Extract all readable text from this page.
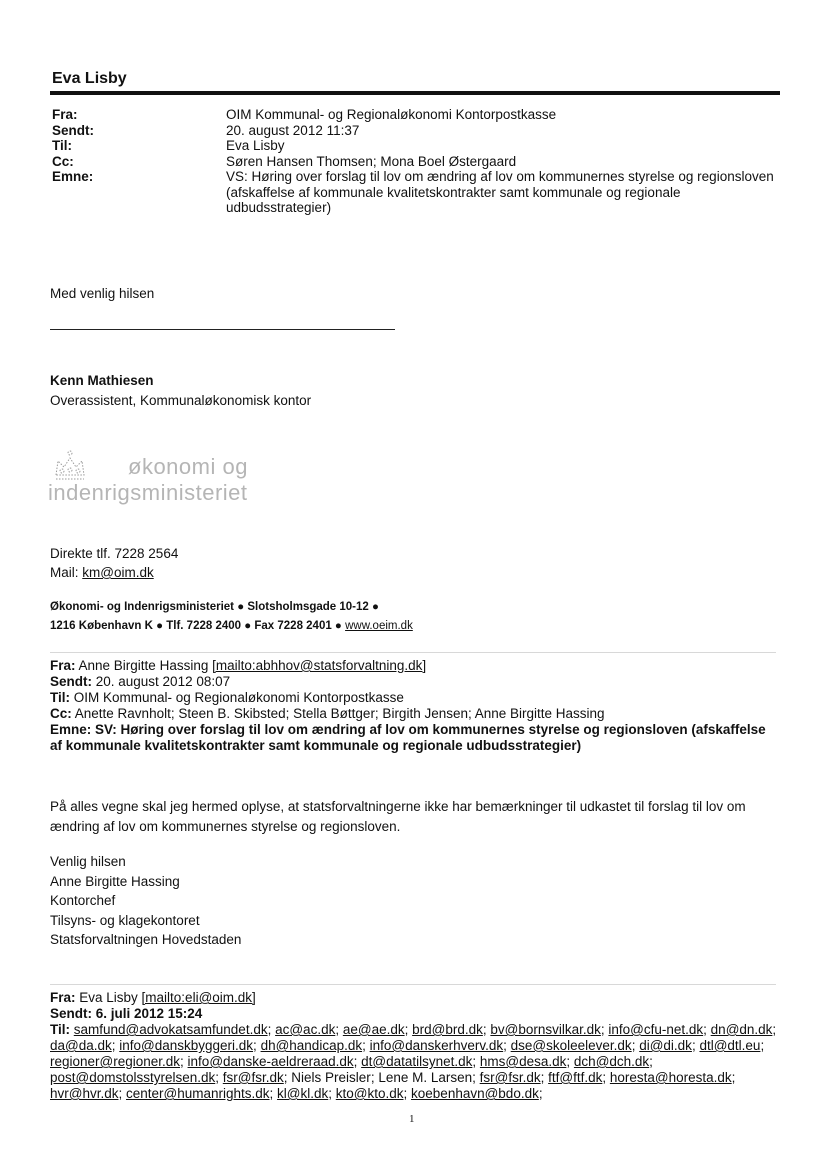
Eva Lisby
Fra:	OIM Kommunal- og Regionaløkonomi Kontorpostkasse
Sendt:	20. august 2012 11:37
Til:	Eva Lisby
Cc:	Søren Hansen Thomsen; Mona Boel Østergaard
Emne:	VS: Høring over forslag til lov om ændring af lov om kommunernes styrelse og regionsloven (afskaffelse af kommunale kvalitetskontrakter samt kommunale og regionale udbudsstrategier)
Med venlig hilsen
Kenn Mathiesen
Overassistent, Kommunaløkonomisk kontor
økonomi og
indenrigsministeriet
Direkte tlf. 7228 2564
Mail: km@oim.dk
Økonomi- og Indenrigsministeriet ● Slotsholmsgade 10-12 ●
1216 København K ● Tlf. 7228 2400 ● Fax 7228 2401 ● www.oeim.dk
Fra: Anne Birgitte Hassing [mailto:abhhov@statsforvaltning.dk]
Sendt: 20. august 2012 08:07
Til: OIM Kommunal- og Regionaløkonomi Kontorpostkasse
Cc: Anette Ravnholt; Steen B. Skibsted; Stella Bøttger; Birgith Jensen; Anne Birgitte Hassing
Emne: SV: Høring over forslag til lov om ændring af lov om kommunernes styrelse og regionsloven (afskaffelse af kommunale kvalitetskontrakter samt kommunale og regionale udbudsstrategier)
På alles vegne skal jeg hermed oplyse, at statsforvaltningerne ikke har bemærkninger til udkastet til forslag til lov om ændring af lov om kommunernes styrelse og regionsloven.
Venlig hilsen
Anne Birgitte Hassing
Kontorchef
Tilsyns- og klagekontoret
Statsforvaltningen Hovedstaden
Fra: Eva Lisby [mailto:eli@oim.dk]
Sendt: 6. juli 2012 15:24
Til: samfund@advokatsamfundet.dk; ac@ac.dk; ae@ae.dk; brd@brd.dk; bv@bornsvilkar.dk; info@cfu-net.dk; dn@dn.dk; da@da.dk; info@danskbyggeri.dk; dh@handicap.dk; info@danskerhverv.dk; dse@skoleelever.dk; di@di.dk; dtl@dtl.eu; regioner@regioner.dk; info@danske-aeldreraad.dk; dt@datatilsynet.dk; hms@desa.dk; dch@dch.dk; post@domstolsstyrelsen.dk; fsr@fsr.dk; Niels Preisler; Lene M. Larsen; fsr@fsr.dk; ftf@ftf.dk; horesta@horesta.dk; hvr@hvr.dk; center@humanrights.dk; kl@kl.dk; kto@kto.dk; koebenhavn@bdo.dk;
1
